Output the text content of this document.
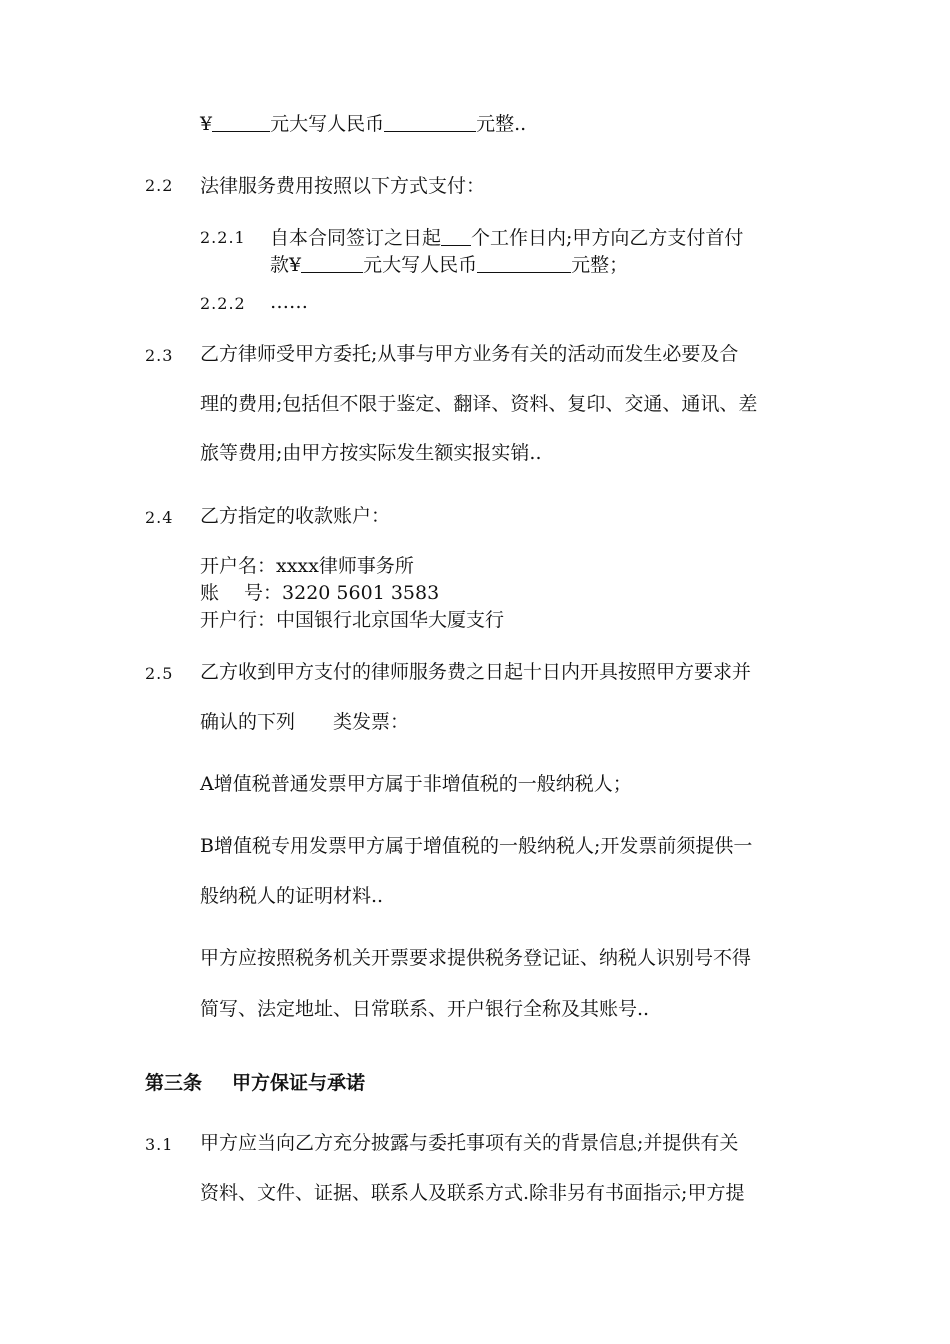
¥	元大写人民币	元整..
2.2 法律服务费用按照以下方式支付：
2.2.1 自本合同签订之日起 个工作日内;甲方向乙方支付首付
款¥	元大写人民币	元整；
2.2.2 ……
2.3 乙方律师受甲方委托;从事与甲方业务有关的活动而发生必要及合
理的费用;包括但不限于鉴定、翻译、资料、复印、交通、通讯、差
旅等费用;由甲方按实际发生额实报实销..
2.4 乙方指定的收款账户：
开户名：xxxx律师事务所
账　 号：3220 5601 3583
开户行：中国银行北京国华大厦支行
2.5 乙方收到甲方支付的律师服务费之日起十日内开具按照甲方要求并
确认的下列　　类发票：
A增值税普通发票甲方属于非增值税的一般纳税人；
B增值税专用发票甲方属于增值税的一般纳税人;开发票前须提供一
般纳税人的证明材料..
甲方应按照税务机关开票要求提供税务登记证、纳税人识别号不得
简写、法定地址、日常联系、开户银行全称及其账号..
第三条 甲方保证与承诺
3.1 甲方应当向乙方充分披露与委托事项有关的背景信息;并提供有关
资料、文件、证据、联系人及联系方式.除非另有书面指示;甲方提
